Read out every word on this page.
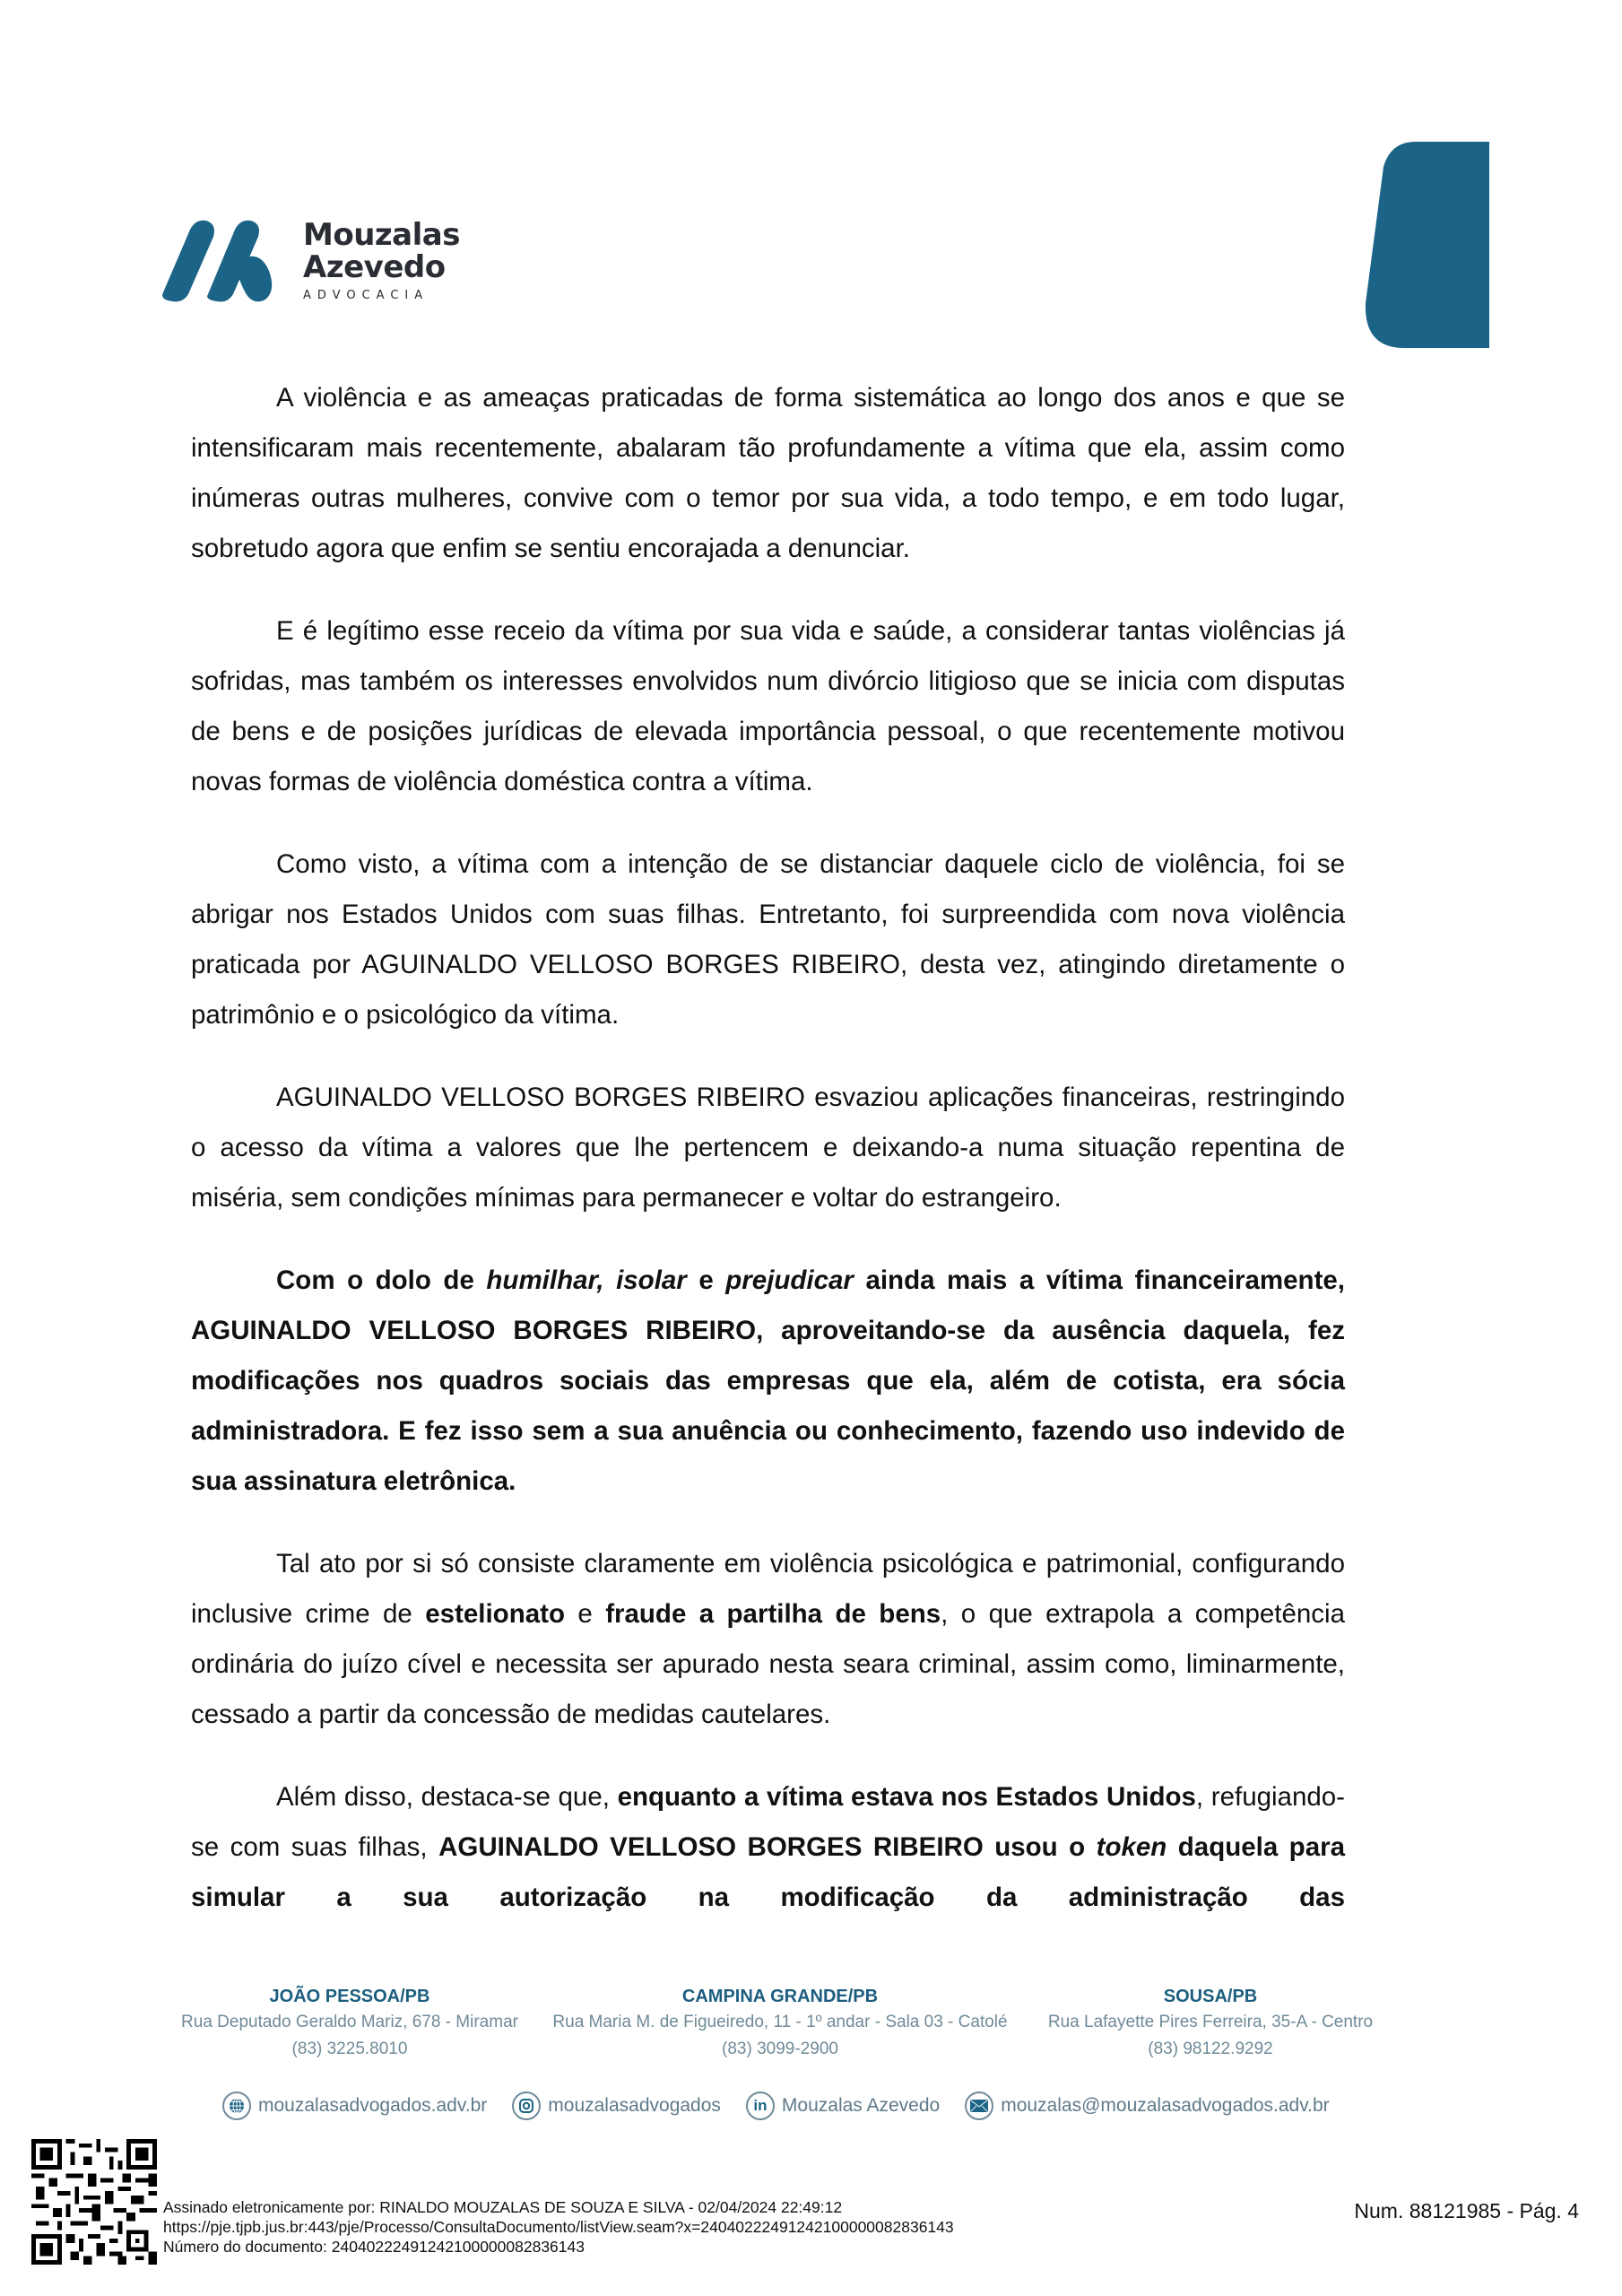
Mouzalas
Azevedo
ADVOCACIA

A violência e as ameaças praticadas de forma sistemática ao longo dos anos e que se intensificaram mais recentemente, abalaram tão profundamente a vítima que ela, assim como inúmeras outras mulheres, convive com o temor por sua vida, a todo tempo, e em todo lugar, sobretudo agora que enfim se sentiu encorajada a denunciar.

E é legítimo esse receio da vítima por sua vida e saúde, a considerar tantas violências já sofridas, mas também os interesses envolvidos num divórcio litigioso que se inicia com disputas de bens e de posições jurídicas de elevada importância pessoal, o que recentemente motivou novas formas de violência doméstica contra a vítima.

Como visto, a vítima com a intenção de se distanciar daquele ciclo de violência, foi se abrigar nos Estados Unidos com suas filhas. Entretanto, foi surpreendida com nova violência praticada por AGUINALDO VELLOSO BORGES RIBEIRO, desta vez, atingindo diretamente o patrimônio e o psicológico da vítima.

AGUINALDO VELLOSO BORGES RIBEIRO esvaziou aplicações financeiras, restringindo o acesso da vítima a valores que lhe pertencem e deixando-a numa situação repentina de miséria, sem condições mínimas para permanecer e voltar do estrangeiro.

Com o dolo de humilhar, isolar e prejudicar ainda mais a vítima financeiramente, AGUINALDO VELLOSO BORGES RIBEIRO, aproveitando-se da ausência daquela, fez modificações nos quadros sociais das empresas que ela, além de cotista, era sócia administradora. E fez isso sem a sua anuência ou conhecimento, fazendo uso indevido de sua assinatura eletrônica.

Tal ato por si só consiste claramente em violência psicológica e patrimonial, configurando inclusive crime de estelionato e fraude a partilha de bens, o que extrapola a competência ordinária do juízo cível e necessita ser apurado nesta seara criminal, assim como, liminarmente, cessado a partir da concessão de medidas cautelares.

Além disso, destaca-se que, enquanto a vítima estava nos Estados Unidos, refugiando-se com suas filhas, AGUINALDO VELLOSO BORGES RIBEIRO usou o token daquela para simular a sua autorização na modificação da administração das

JOÃO PESSOA/PB
Rua Deputado Geraldo Mariz, 678 - Miramar
(83) 3225.8010
CAMPINA GRANDE/PB
Rua Maria M. de Figueiredo, 11 - 1º andar - Sala 03 - Catolé
(83) 3099-2900
SOUSA/PB
Rua Lafayette Pires Ferreira, 35-A - Centro
(83) 98122.9292
mouzalasadvogados.adv.br	mouzalasadvogados	in Mouzalas Azevedo	mouzalas@mouzalasadvogados.adv.br
Assinado eletronicamente por: RINALDO MOUZALAS DE SOUZA E SILVA - 02/04/2024 22:49:12
https://pje.tjpb.jus.br:443/pje/Processo/ConsultaDocumento/listView.seam?x=24040222491242100000082836143
Número do documento: 24040222491242100000082836143
Num. 88121985 - Pág. 4
